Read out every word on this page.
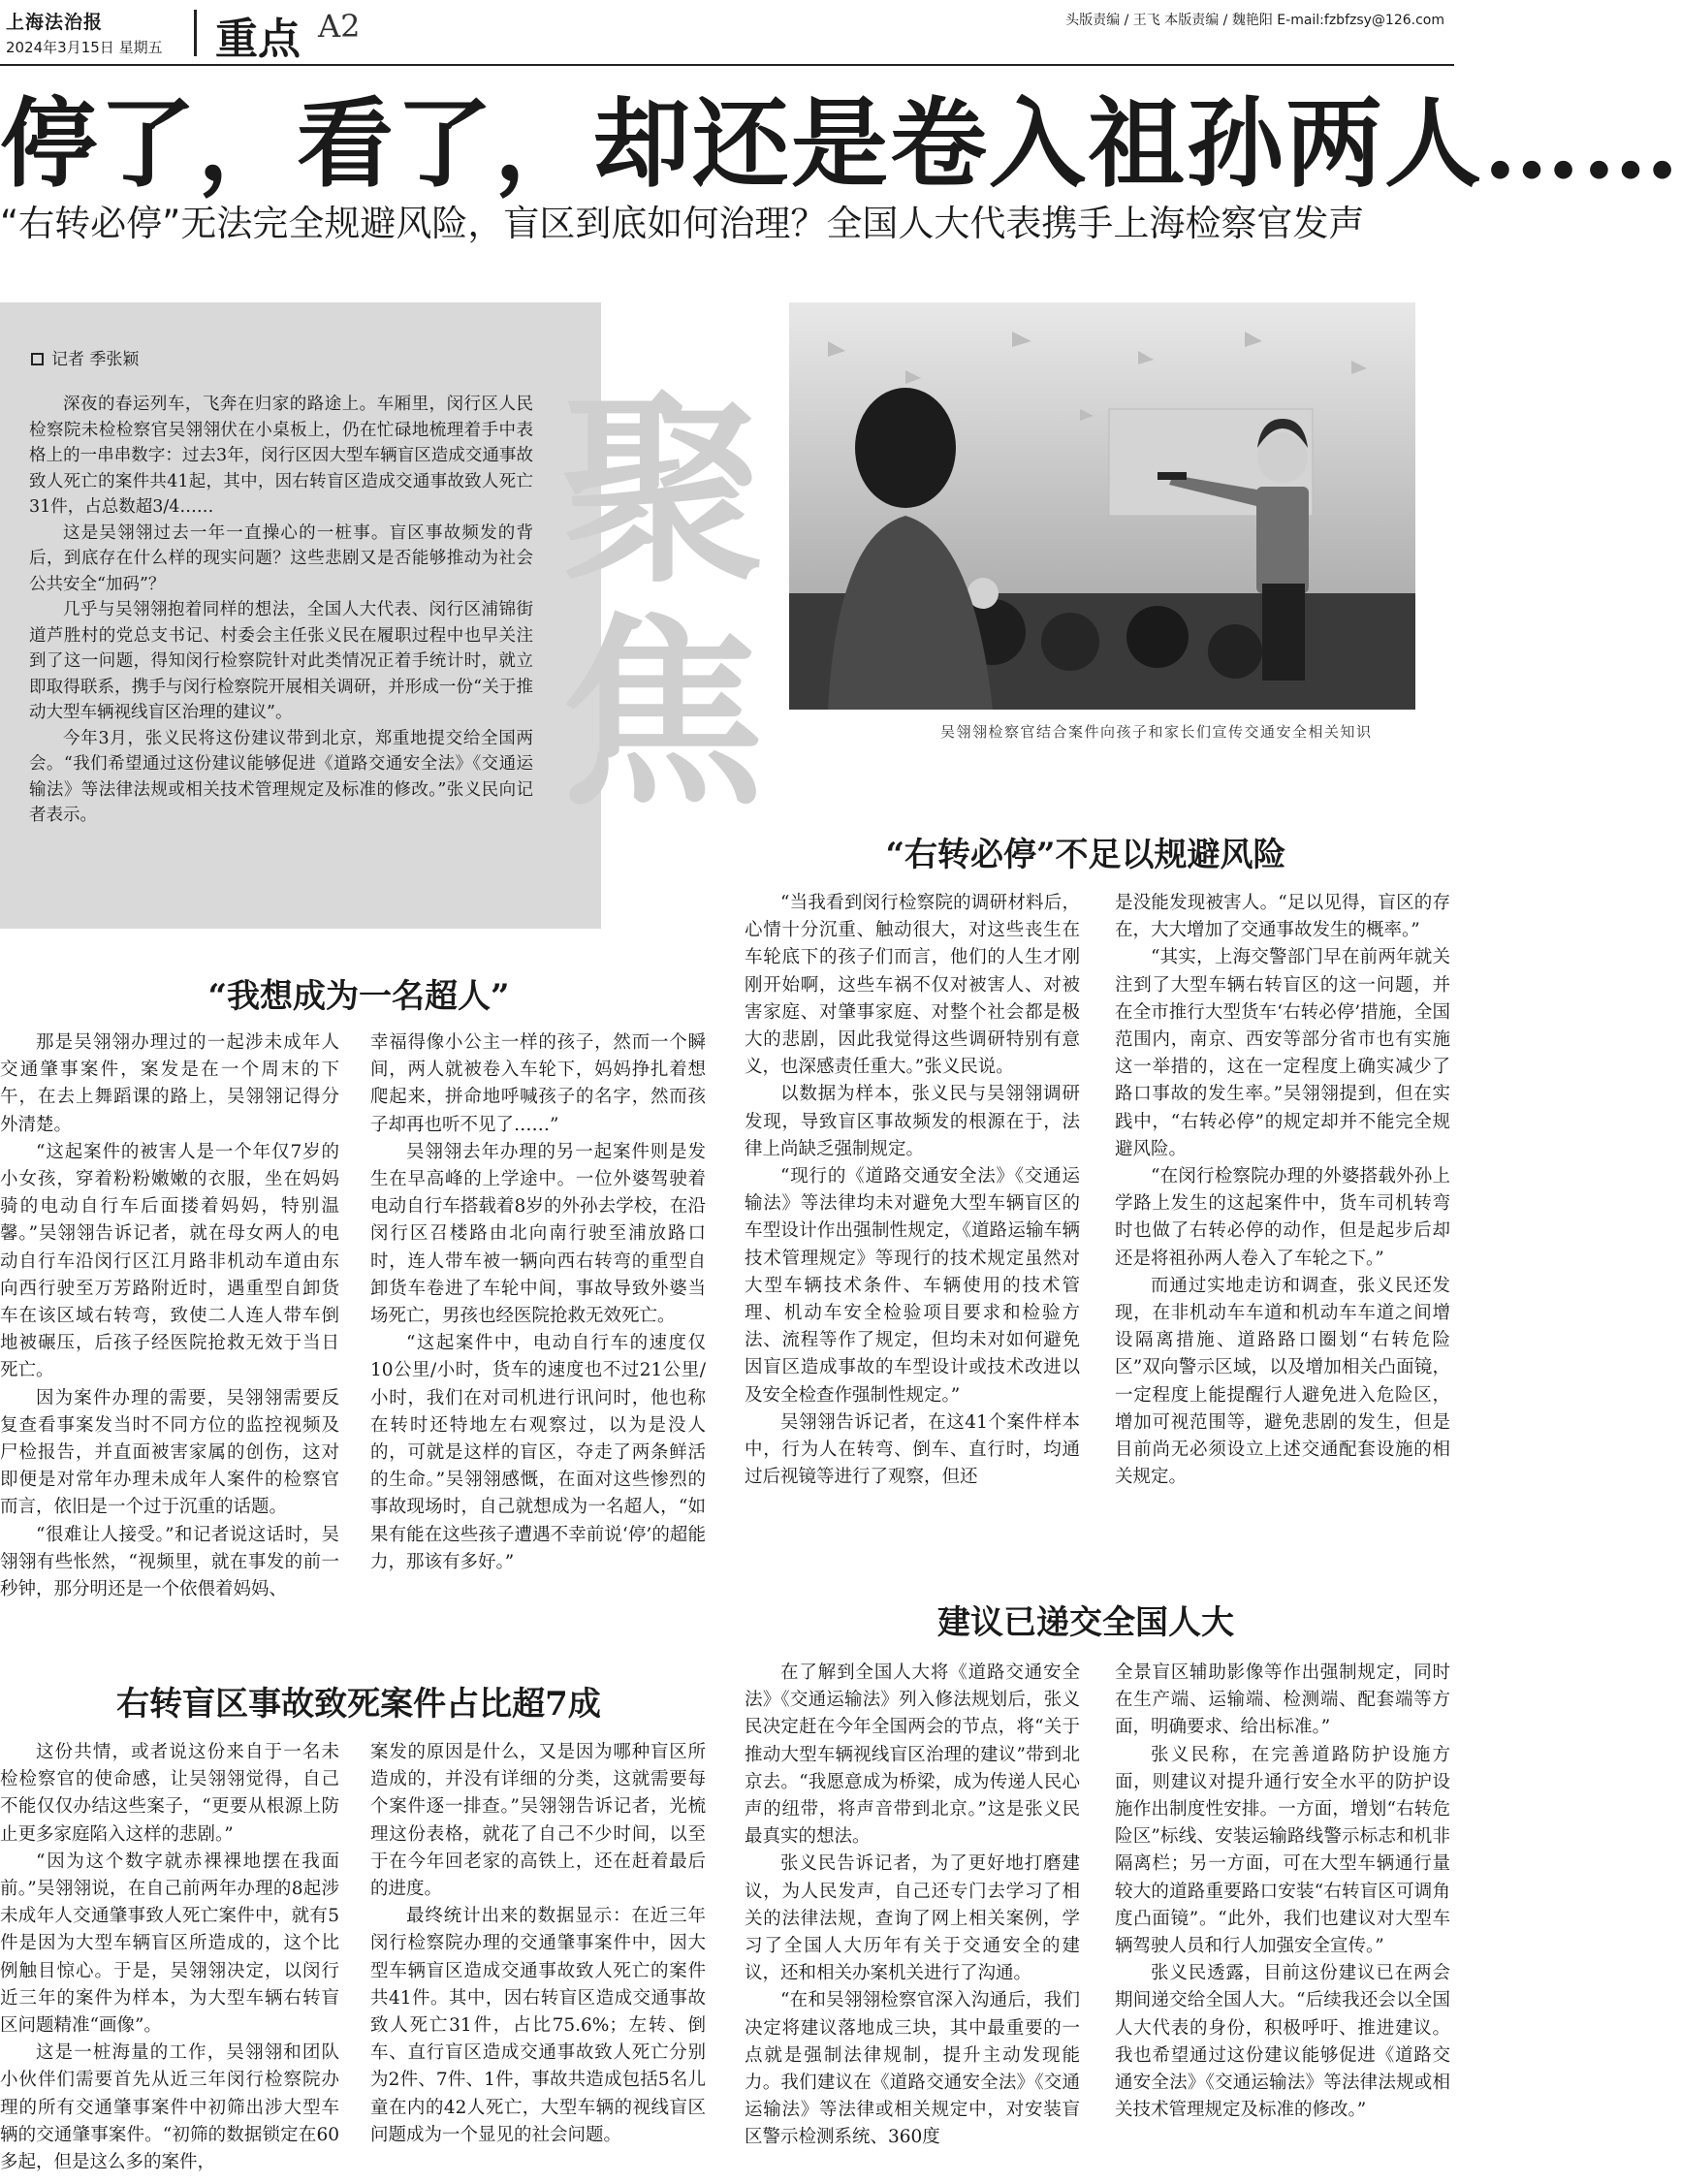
上海法治报
2024年3月15日 星期五 重点 A2	头版责编 / 王飞 本版责编 / 魏艳阳 E-mail:fzbfzsy@126.com
停了，看了，却还是卷入祖孙两人……
“右转必停”无法完全规避风险，盲区到底如何治理？全国人大代表携手上海检察官发声
聚焦
记者 季张颖

深夜的春运列车，飞奔在归家的路途上。车厢里，闵行区人民检察院未检检察官吴翎翎伏在小桌板上，仍在忙碌地梳理着手中表格上的一串串数字：过去3年，闵行区因大型车辆盲区造成交通事故致人死亡的案件共41起，其中，因右转盲区造成交通事故致人死亡31件，占总数超3/4……

这是吴翎翎过去一年一直操心的一桩事。盲区事故频发的背后，到底存在什么样的现实问题？这些悲剧又是否能够推动为社会公共安全“加码”？

几乎与吴翎翎抱着同样的想法，全国人大代表、闵行区浦锦街道芦胜村的党总支书记、村委会主任张义民在履职过程中也早关注到了这一问题，得知闵行检察院针对此类情况正着手统计时，就立即取得联系，携手与闵行检察院开展相关调研，并形成一份“关于推动大型车辆视线盲区治理的建议”。

今年3月，张义民将这份建议带到北京，郑重地提交给全国两会。“我们希望通过这份建议能够促进《道路交通安全法》《交通运输法》等法律法规或相关技术管理规定及标准的修改。”张义民向记者表示。

吴翎翎检察官结合案件向孩子和家长们宣传交通安全相关知识
“右转必停”不足以规避风险
“我想成为一名超人”
右转盲区事故致死案件占比超7成
建议已递交全国人大

那是吴翎翎办理过的一起涉未成年人交通肇事案件，案发是在一个周末的下午，在去上舞蹈课的路上，吴翎翎记得分外清楚。

“这起案件的被害人是一个年仅7岁的小女孩，穿着粉粉嫩嫩的衣服，坐在妈妈骑的电动自行车后面搂着妈妈，特别温馨。”吴翎翎告诉记者，就在母女两人的电动自行车沿闵行区江月路非机动车道由东向西行驶至万芳路附近时，遇重型自卸货车在该区域右转弯，致使二人连人带车倒地被碾压，后孩子经医院抢救无效于当日死亡。

因为案件办理的需要，吴翎翎需要反复查看事案发当时不同方位的监控视频及尸检报告，并直面被害家属的创伤，这对即便是对常年办理未成年人案件的检察官而言，依旧是一个过于沉重的话题。

“很难让人接受。”和记者说这话时，吴翎翎有些怅然，“视频里，就在事发的前一秒钟，那分明还是一个依偎着妈妈、

幸福得像小公主一样的孩子，然而一个瞬间，两人就被卷入车轮下，妈妈挣扎着想爬起来，拼命地呼喊孩子的名字，然而孩子却再也听不见了……”

吴翎翎去年办理的另一起案件则是发生在早高峰的上学途中。一位外婆驾驶着电动自行车搭载着8岁的外孙去学校，在沿闵行区召楼路由北向南行驶至浦放路口时，连人带车被一辆向西右转弯的重型自卸货车卷进了车轮中间，事故导致外婆当场死亡，男孩也经医院抢救无效死亡。

“这起案件中，电动自行车的速度仅10公里/小时，货车的速度也不过21公里/小时，我们在对司机进行讯问时，他也称在转时还特地左右观察过，以为是没人的，可就是这样的盲区，夺走了两条鲜活的生命。”吴翎翎感慨，在面对这些惨烈的事故现场时，自己就想成为一名超人，“如果有能在这些孩子遭遇不幸前说‘停’的超能力，那该有多好。”

“当我看到闵行检察院的调研材料后，心情十分沉重、触动很大，对这些丧生在车轮底下的孩子们而言，他们的人生才刚刚开始啊，这些车祸不仅对被害人、对被害家庭、对肇事家庭、对整个社会都是极大的悲剧，因此我觉得这些调研特别有意义，也深感责任重大。”张义民说。

以数据为样本，张义民与吴翎翎调研发现，导致盲区事故频发的根源在于，法律上尚缺乏强制规定。

“现行的《道路交通安全法》《交通运输法》等法律均未对避免大型车辆盲区的车型设计作出强制性规定，《道路运输车辆技术管理规定》等现行的技术规定虽然对大型车辆技术条件、车辆使用的技术管理、机动车安全检验项目要求和检验方法、流程等作了规定，但均未对如何避免因盲区造成事故的车型设计或技术改进以及安全检查作强制性规定。”

吴翎翎告诉记者，在这41个案件样本中，行为人在转弯、倒车、直行时，均通过后视镜等进行了观察，但还

是没能发现被害人。“足以见得，盲区的存在，大大增加了交通事故发生的概率。”

“其实，上海交警部门早在前两年就关注到了大型车辆右转盲区的这一问题，并在全市推行大型货车‘右转必停’措施，全国范围内，南京、西安等部分省市也有实施这一举措的，这在一定程度上确实减少了路口事故的发生率。”吴翎翎提到，但在实践中，“右转必停”的规定却并不能完全规避风险。

“在闵行检察院办理的外婆搭载外孙上学路上发生的这起案件中，货车司机转弯时也做了右转必停的动作，但是起步后却还是将祖孙两人卷入了车轮之下。”

而通过实地走访和调查，张义民还发现，在非机动车车道和机动车车道之间增设隔离措施、道路路口圈划“右转危险区”双向警示区域，以及增加相关凸面镜，一定程度上能提醒行人避免进入危险区，增加可视范围等，避免悲剧的发生，但是目前尚无必须设立上述交通配套设施的相关规定。

这份共情，或者说这份来自于一名未检检察官的使命感，让吴翎翎觉得，自己不能仅仅办结这些案子，“更要从根源上防止更多家庭陷入这样的悲剧。”

“因为这个数字就赤裸裸地摆在我面前。”吴翎翎说，在自己前两年办理的8起涉未成年人交通肇事致人死亡案件中，就有5件是因为大型车辆盲区所造成的，这个比例触目惊心。于是，吴翎翎决定，以闵行近三年的案件为样本，为大型车辆右转盲区问题精准“画像”。

这是一桩海量的工作，吴翎翎和团队小伙伴们需要首先从近三年闵行检察院办理的所有交通肇事案件中初筛出涉大型车辆的交通肇事案件。“初筛的数据锁定在60多起，但是这么多的案件，

案发的原因是什么，又是因为哪种盲区所造成的，并没有详细的分类，这就需要每个案件逐一排查。”吴翎翎告诉记者，光梳理这份表格，就花了自己不少时间，以至于在今年回老家的高铁上，还在赶着最后的进度。

最终统计出来的数据显示：在近三年闵行检察院办理的交通肇事案件中，因大型车辆盲区造成交通事故致人死亡的案件共41件。其中，因右转盲区造成交通事故致人死亡31件，占比75.6%；左转、倒车、直行盲区造成交通事故致人死亡分别为2件、7件、1件，事故共造成包括5名儿童在内的42人死亡，大型车辆的视线盲区问题成为一个显见的社会问题。

在了解到全国人大将《道路交通安全法》《交通运输法》列入修法规划后，张义民决定赶在今年全国两会的节点，将“关于推动大型车辆视线盲区治理的建议”带到北京去。“我愿意成为桥梁，成为传递人民心声的纽带，将声音带到北京。”这是张义民最真实的想法。

张义民告诉记者，为了更好地打磨建议，为人民发声，自己还专门去学习了相关的法律法规，查询了网上相关案例，学习了全国人大历年有关于交通安全的建议，还和相关办案机关进行了沟通。

“在和吴翎翎检察官深入沟通后，我们决定将建议落地成三块，其中最重要的一点就是强制法律规制，提升主动发现能力。我们建议在《道路交通安全法》《交通运输法》等法律或相关规定中，对安装盲区警示检测系统、360度

全景盲区辅助影像等作出强制规定，同时在生产端、运输端、检测端、配套端等方面，明确要求、给出标准。”

张义民称，在完善道路防护设施方面，则建议对提升通行安全水平的防护设施作出制度性安排。一方面，增划“右转危险区”标线、安装运输路线警示标志和机非隔离栏；另一方面，可在大型车辆通行量较大的道路重要路口安装“右转盲区可调角度凸面镜”。“此外，我们也建议对大型车辆驾驶人员和行人加强安全宣传。”

张义民透露，目前这份建议已在两会期间递交给全国人大。“后续我还会以全国人大代表的身份，积极呼吁、推进建议。我也希望通过这份建议能够促进《道路交通安全法》《交通运输法》等法律法规或相关技术管理规定及标准的修改。”
